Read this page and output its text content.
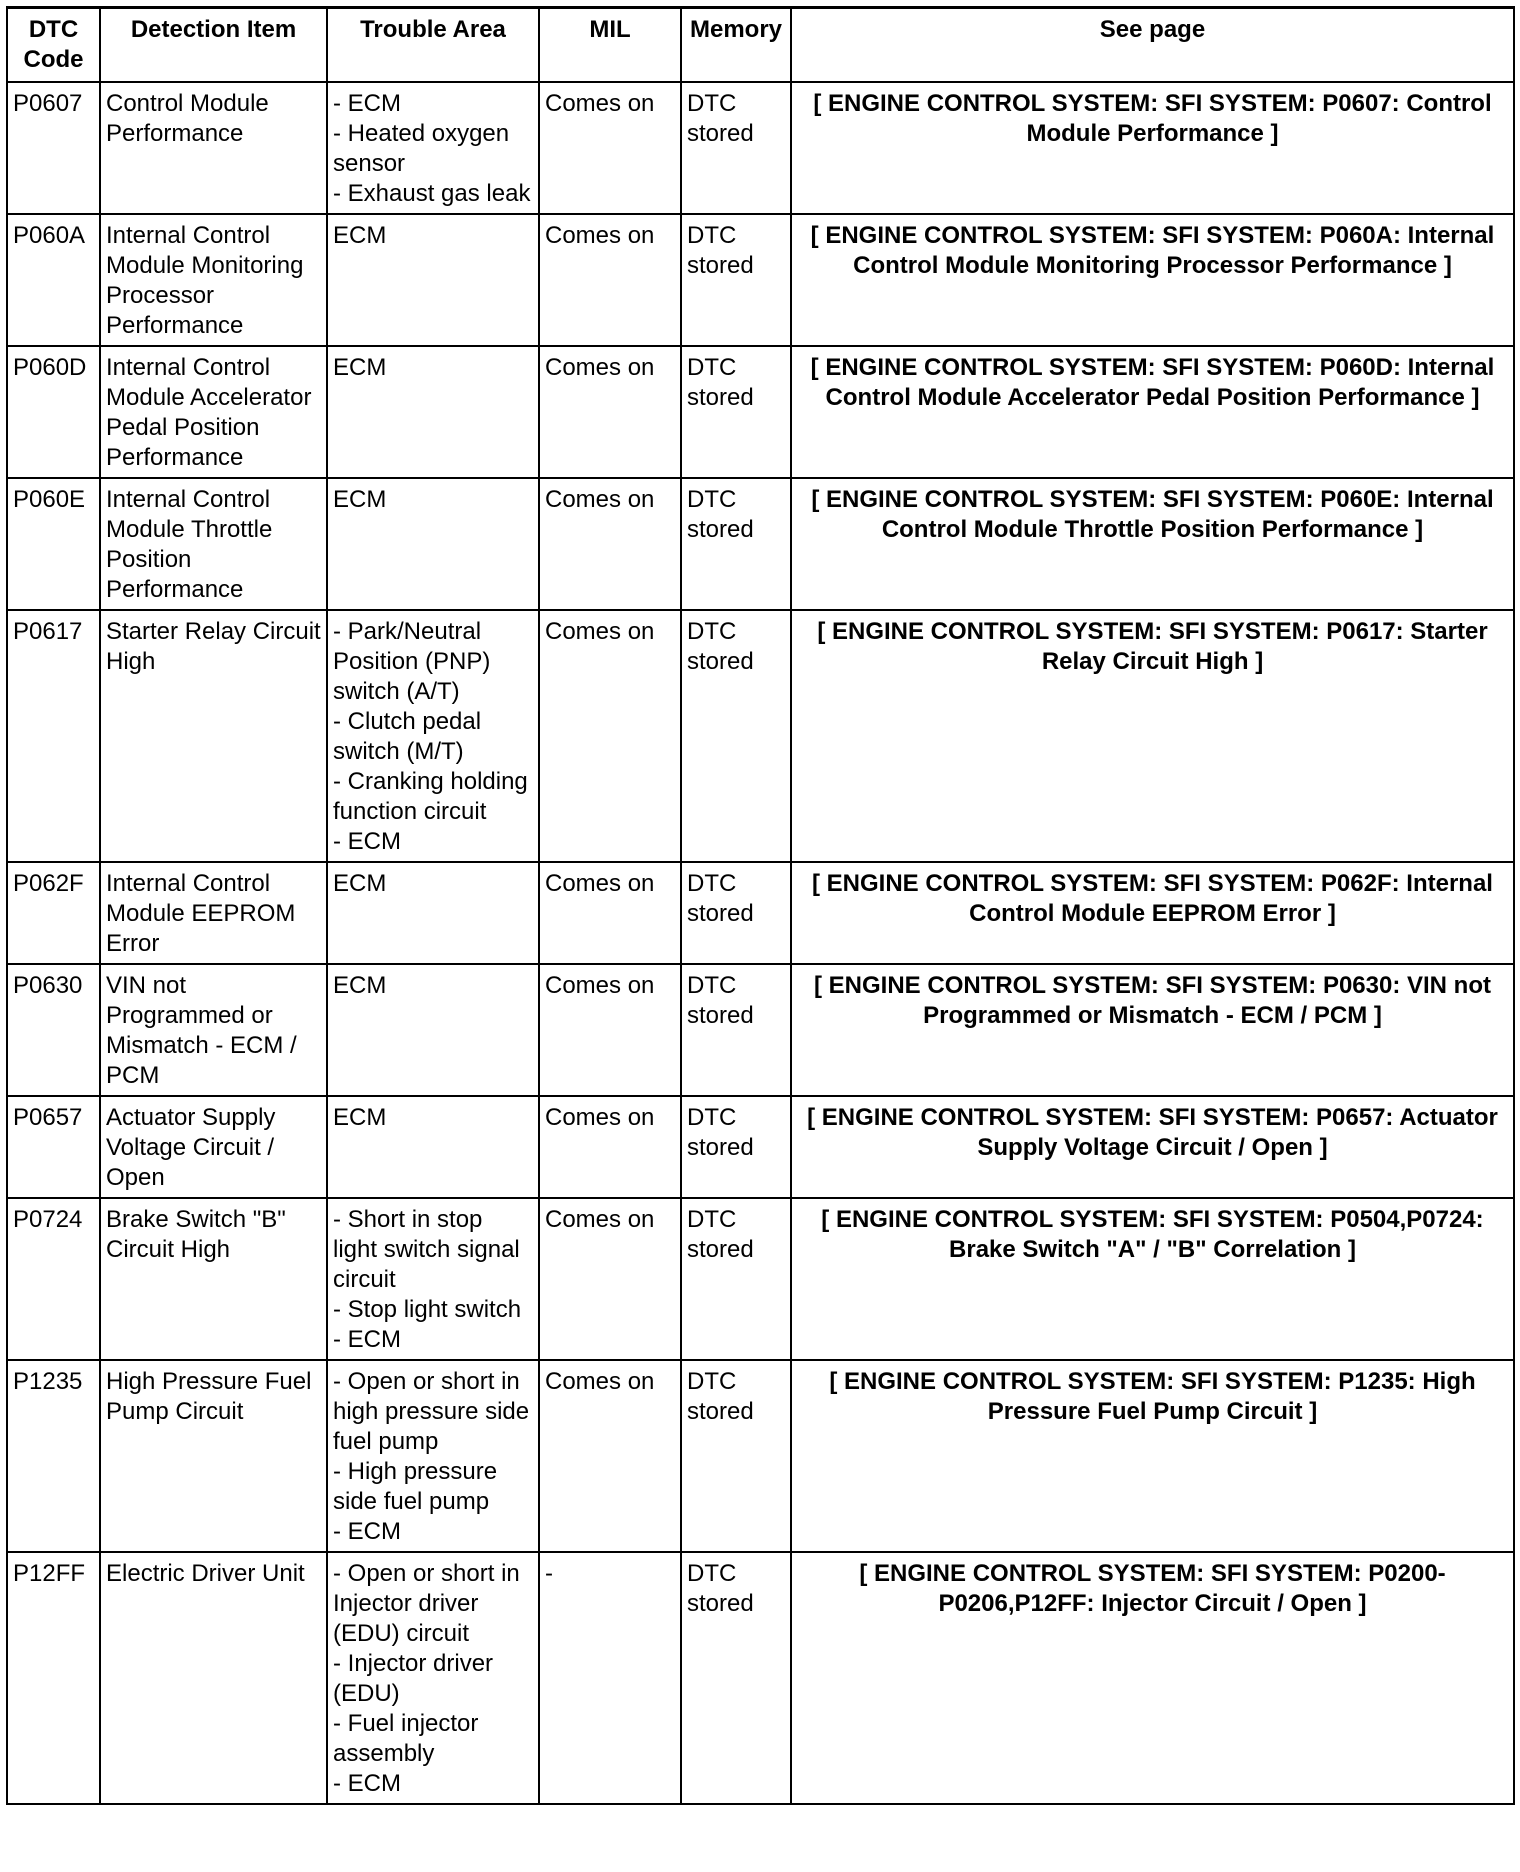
DTC
Code	Detection Item	Trouble Area	MIL	Memory	See page
P0607	Control Module Performance	- ECM
- Heated oxygen sensor
- Exhaust gas leak	Comes on	DTC stored	[ ENGINE CONTROL SYSTEM: SFI SYSTEM: P0607: Control Module Performance ]
P060A	Internal Control Module Monitoring Processor Performance	ECM	Comes on	DTC stored	[ ENGINE CONTROL SYSTEM: SFI SYSTEM: P060A: Internal Control Module Monitoring Processor Performance ]
P060D	Internal Control Module Accelerator Pedal Position Performance	ECM	Comes on	DTC stored	[ ENGINE CONTROL SYSTEM: SFI SYSTEM: P060D: Internal Control Module Accelerator Pedal Position Performance ]
P060E	Internal Control Module Throttle Position Performance	ECM	Comes on	DTC stored	[ ENGINE CONTROL SYSTEM: SFI SYSTEM: P060E: Internal Control Module Throttle Position Performance ]
P0617	Starter Relay Circuit High	- Park/Neutral Position (PNP) switch (A/T)
- Clutch pedal switch (M/T)
- Cranking holding function circuit
- ECM	Comes on	DTC stored	[ ENGINE CONTROL SYSTEM: SFI SYSTEM: P0617: Starter Relay Circuit High ]
P062F	Internal Control Module EEPROM Error	ECM	Comes on	DTC stored	[ ENGINE CONTROL SYSTEM: SFI SYSTEM: P062F: Internal Control Module EEPROM Error ]
P0630	VIN not Programmed or Mismatch - ECM / PCM	ECM	Comes on	DTC stored	[ ENGINE CONTROL SYSTEM: SFI SYSTEM: P0630: VIN not Programmed or Mismatch - ECM / PCM ]
P0657	Actuator Supply Voltage Circuit / Open	ECM	Comes on	DTC stored	[ ENGINE CONTROL SYSTEM: SFI SYSTEM: P0657: Actuator Supply Voltage Circuit / Open ]
P0724	Brake Switch "B" Circuit High	- Short in stop light switch signal circuit
- Stop light switch
- ECM	Comes on	DTC stored	[ ENGINE CONTROL SYSTEM: SFI SYSTEM: P0504,P0724: Brake Switch "A" / "B" Correlation ]
P1235	High Pressure Fuel Pump Circuit	- Open or short in high pressure side fuel pump
- High pressure side fuel pump
- ECM	Comes on	DTC stored	[ ENGINE CONTROL SYSTEM: SFI SYSTEM: P1235: High Pressure Fuel Pump Circuit ]
P12FF	Electric Driver Unit	- Open or short in Injector driver (EDU) circuit
- Injector driver (EDU)
- Fuel injector assembly
- ECM	-	DTC stored	[ ENGINE CONTROL SYSTEM: SFI SYSTEM: P0200-P0206,P12FF: Injector Circuit / Open ]
